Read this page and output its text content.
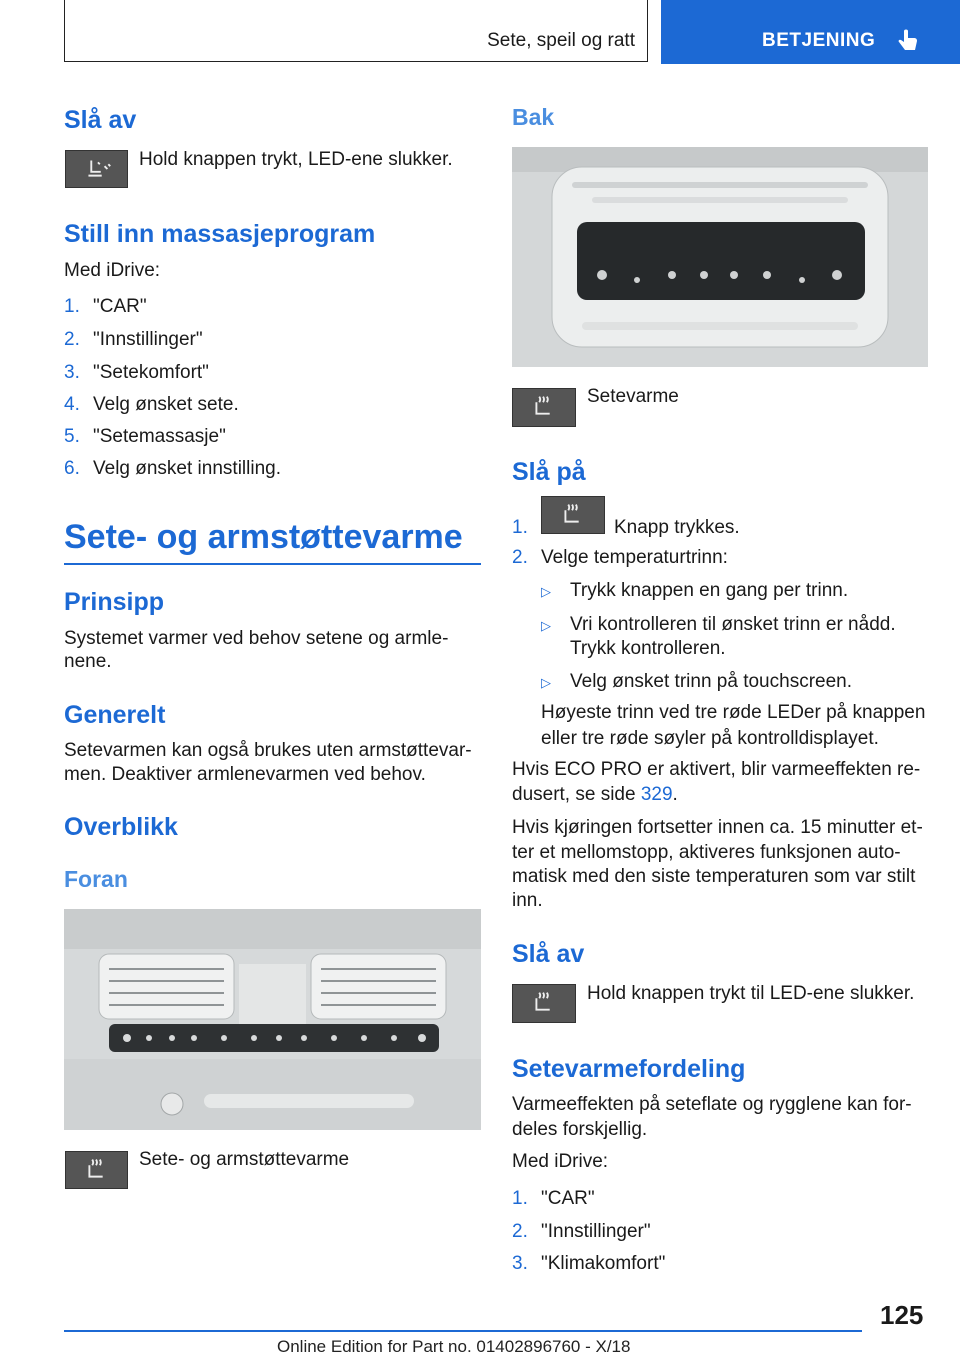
Sete, speil og ratt	BETJENING
Slå av

Hold knappen trykt, LED-ene slukker.

Still inn massasjeprogram

Med iDrive:

1. "CAR"
2. "Innstillinger"
3. "Setekomfort"
4. Velg ønsket sete.
5. "Setemassasje"
6. Velg ønsket innstilling.
Sete- og armstøttevarme
Prinsipp

Systemet varmer ved behov setene og armle-

nene.

Generelt

Setevarmen kan også brukes uten armstøttevar-

men. Deaktiver armlenevarmen ved behov.

Overblikk
Foran

Sete- og armstøttevarme

Bak

Setevarme

Slå på
1.	Knapp trykkes.
2. Velge temperaturtrinn:
▷ Trykk knappen en gang per trinn.
▷ Vri kontrolleren til ønsket trinn er nådd.
Trykk kontrolleren.
▷ Velg ønsket trinn på touchscreen.

Høyeste trinn ved tre røde LEDer på knappen

eller tre røde søyler på kontrolldisplayet.

Hvis ECO PRO er aktivert, blir varmeeffekten re-

dusert, se side 329.

Hvis kjøringen fortsetter innen ca. 15 minutter et-

ter et mellomstopp, aktiveres funksjonen auto-

matisk med den siste temperaturen som var stilt

inn.

Slå av

Hold knappen trykt til LED-ene slukker.

Setevarmefordeling

Varmeeffekten på seteflate og rygglene kan for-

deles forskjellig.

Med iDrive:

1. "CAR"
2. "Innstillinger"
3. "Klimakomfort"
125
Online Edition for Part no. 01402896760 - X/18
